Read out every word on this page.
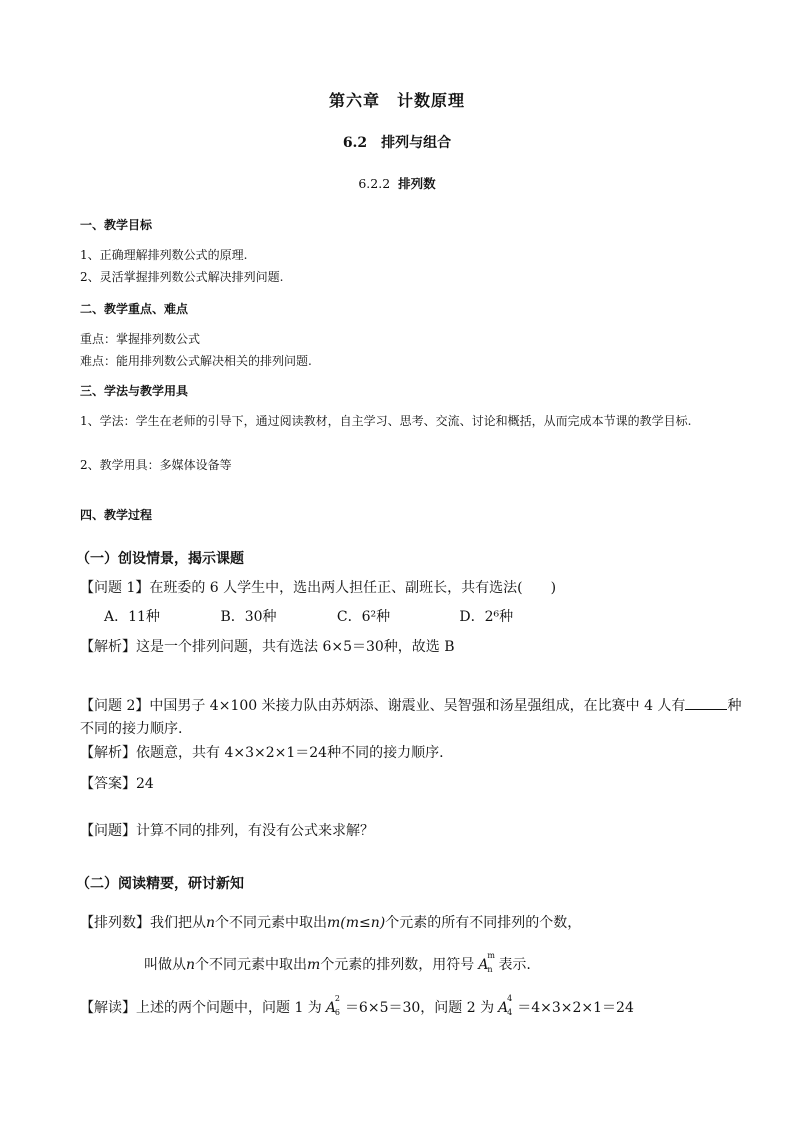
第六章　计数原理
6.2　排列与组合
6.2.2 排列数
一、教学目标
1、正确理解排列数公式的原理.
2、灵活掌握排列数公式解决排列问题.
二、教学重点、难点
重点：掌握排列数公式
难点：能用排列数公式解决相关的排列问题.
三、学法与教学用具
1、学法：学生在老师的引导下，通过阅读教材，自主学习、思考、交流、讨论和概括，从而完成本节课的教学目标.
2、教学用具：多媒体设备等
四、教学过程
（一）创设情景，揭示课题
【问题 1】在班委的 6 人学生中，选出两人担任正、副班长，共有选法(　　)
A．11种	B．30种	C．6²种	D．2⁶种
【解析】这是一个排列问题，共有选法 6×5＝30种，故选 B
【问题 2】中国男子 4×100 米接力队由苏炳添、谢震业、吴智强和汤星强组成，在比赛中 4 人有	种
不同的接力顺序.
【解析】依题意，共有 4×3×2×1＝24种不同的接力顺序.
【答案】24
【问题】计算不同的排列，有没有公式来求解？
（二）阅读精要，研讨新知
【排列数】我们把从n个不同元素中取出m(m≤n)个元素的所有不同排列的个数，
叫做从n个不同元素中取出m个元素的排列数，用符号 A
m
n 表示.
【解读】上述的两个问题中，问题 1 为 A
2
6 ＝6×5＝30，问题 2 为 A
4
4 ＝4×3×2×1＝24
